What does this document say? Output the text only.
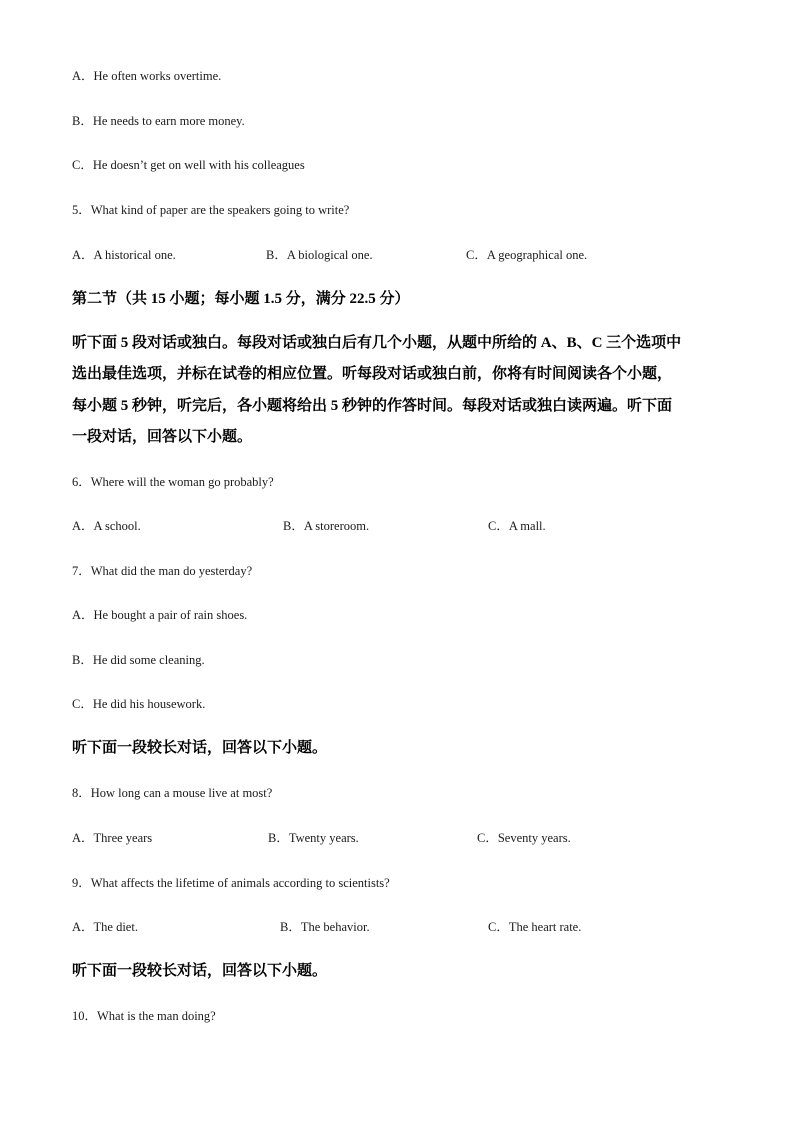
A．He often works overtime.
B．He needs to earn more money.
C．He doesn’t get on well with his colleagues
5．What kind of paper are the speakers going to write?
A．A historical one.	B．A biological one.	C．A geographical one.
第二节（共 15 小题；每小题 1.5 分，满分 22.5 分）
听下面 5 段对话或独白。每段对话或独白后有几个小题，从题中所给的 A、B、C 三个选项中
选出最佳选项，并标在试卷的相应位置。听每段对话或独白前，你将有时间阅读各个小题，
每小题 5 秒钟，听完后，各小题将给出 5 秒钟的作答时间。每段对话或独白读两遍。听下面
一段对话，回答以下小题。
6．Where will the woman go probably?
A．A school.	B．A storeroom.	C．A mall.
7．What did the man do yesterday?
A．He bought a pair of rain shoes.
B．He did some cleaning.
C．He did his housework.
听下面一段较长对话，回答以下小题。
8．How long can a mouse live at most?
A．Three years	B．Twenty years.	C．Seventy years.
9．What affects the lifetime of animals according to scientists?
A．The diet.	B．The behavior.	C．The heart rate.
听下面一段较长对话，回答以下小题。
10．What is the man doing?
